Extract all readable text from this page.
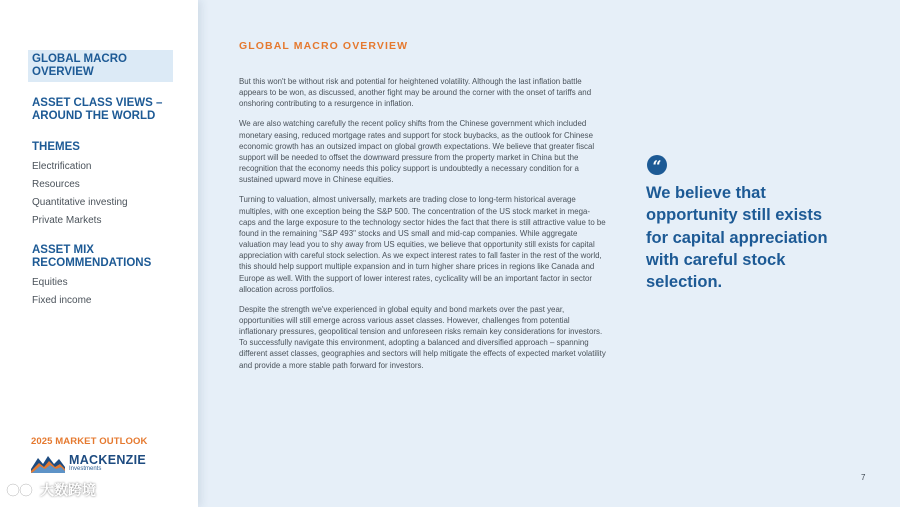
GLOBAL MACRO
OVERVIEW
ASSET CLASS VIEWS –
AROUND THE WORLD
THEMES
Electrification
Resources
Quantitative investing
Private Markets
ASSET MIX
RECOMMENDATIONS
Equities
Fixed income
2025 MARKET OUTLOOK
MACKENZIE
Investments
大数跨境
GLOBAL MACRO OVERVIEW

But this won't be without risk and potential for heightened volatility. Although the last inflation battle appears to be won, as discussed, another fight may be around the corner with the onset of tariffs and onshoring contributing to a resurgence in inflation.

We are also watching carefully the recent policy shifts from the Chinese government which included monetary easing, reduced mortgage rates and support for stock buybacks, as the outlook for Chinese economic growth has an outsized impact on global growth expectations. We believe that greater fiscal support will be needed to offset the downward pressure from the property market in China but the recognition that the economy needs this policy support is undoubtedly a necessary condition for a sustained upward move in Chinese equities.

Turning to valuation, almost universally, markets are trading close to long-term historical average multiples, with one exception being the S&P 500. The concentration of the US stock market in mega-caps and the large exposure to the technology sector hides the fact that there is still attractive value to be found in the remaining "S&P 493" stocks and US small and mid-cap companies. While aggregate valuation may lead you to shy away from US equities, we believe that opportunity still exists for capital appreciation with careful stock selection. As we expect interest rates to fall faster in the rest of the world, this should help support multiple expansion and in turn higher share prices in regions like Canada and Europe as well. With the support of lower interest rates, cyclicality will be an important factor in sector allocation across portfolios.

Despite the strength we've experienced in global equity and bond markets over the past year, opportunities will still emerge across various asset classes. However, challenges from potential inflationary pressures, geopolitical tension and unforeseen risks remain key considerations for investors. To successfully navigate this environment, adopting a balanced and diversified approach – spanning different asset classes, geographies and sectors will help mitigate the effects of expected market volatility and provide a more stable path forward for investors.

“
We believe that opportunity still exists for capital appreciation with careful stock selection.
7
